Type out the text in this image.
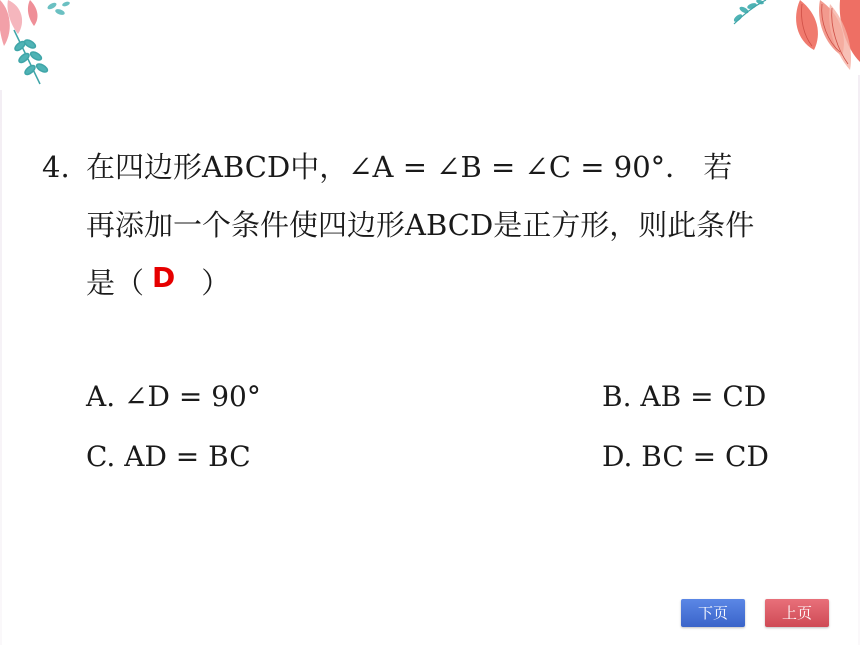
4. 在四边形ABCD中，∠A = ∠B = ∠C = 90°． 若
再添加一个条件使四边形ABCD是正方形，则此条件
是（ D ）
A. ∠D = 90°	B. AB = CD
C. AD = BC	D. BC = CD
下页	上页
